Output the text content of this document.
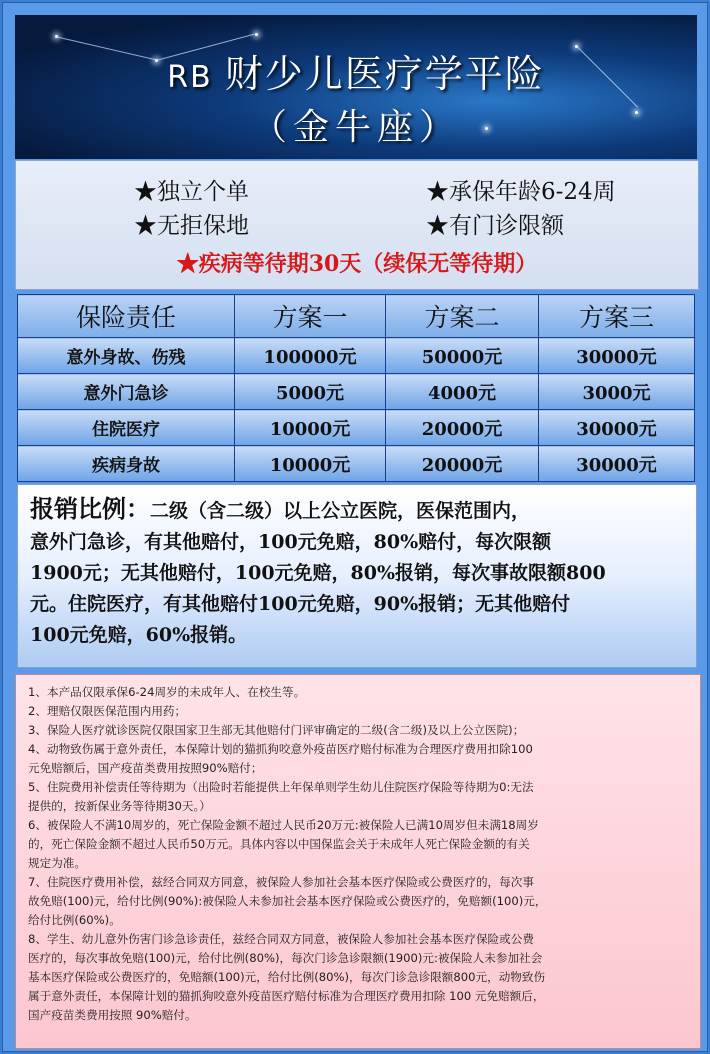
RB 财少儿医疗学平险
（金牛座）
★独立个单	★承保年龄6-24周
★无拒保地	★有门诊限额
★疾病等待期30天（续保无等待期）
保险责任	方案一	方案二	方案三
意外身故、伤残	100000元	50000元	30000元
意外门急诊	5000元	4000元	3000元
住院医疗	10000元	20000元	30000元
疾病身故	10000元	20000元	30000元

报销比例：二级（含二级）以上公立医院，医保范围内，
意外门急诊，有其他赔付，100元免赔，80%赔付，每次限额
1900元；无其他赔付，100元免赔，80%报销，每次事故限额800
元。住院医疗，有其他赔付100元免赔，90%报销；无其他赔付
100元免赔，60%报销。

1、本产品仅限承保6-24周岁的未成年人、在校生等。
2、理赔仅限医保范围内用药；
3、保险人医疗就诊医院仅限国家卫生部无其他赔付门评审确定的二级(含二级)及以上公立医院)；
4、动物致伤属于意外责任，本保障计划的猫抓狗咬意外疫苗医疗赔付标准为合理医疗费用扣除100
元免赔额后，国产疫苗类费用按照90%赔付；
5、住院费用补偿责任等待期为（出险时若能提供上年保单则学生幼儿住院医疗保险等待期为0:无法
提供的，按新保业务等待期30天。）
6、被保险人不满10周岁的，死亡保险金额不超过人民币20万元:被保险人已满10周岁但未满18周岁
的，死亡保险金额不超过人民币50万元。具体内容以中国保监会关于未成年人死亡保险金额的有关
规定为准。
7、住院医疗费用补偿，兹经合同双方同意，被保险人参加社会基本医疗保险或公费医疗的，每次事
故免赔(100)元，给付比例(90%):被保险人未参加社会基本医疗保险或公费医疗的，免赔额(100)元，
给付比例(60%)。
8、学生、幼儿意外伤害门诊急诊责任，兹经合同双方同意，被保险人参加社会基本医疗保险或公费
医疗的，每次事故免赔(100)元，给付比例(80%)，每次门诊急诊限额(1900)元:被保险人未参加社会
基本医疗保险或公费医疗的，免赔额(100)元，给付比例(80%)，每次门诊急诊限额800元，动物致伤
属于意外责任，本保障计划的猫抓狗咬意外疫苗医疗赔付标准为合理医疗费用扣除 100 元免赔额后，
国产疫苗类费用按照 90%赔付。
